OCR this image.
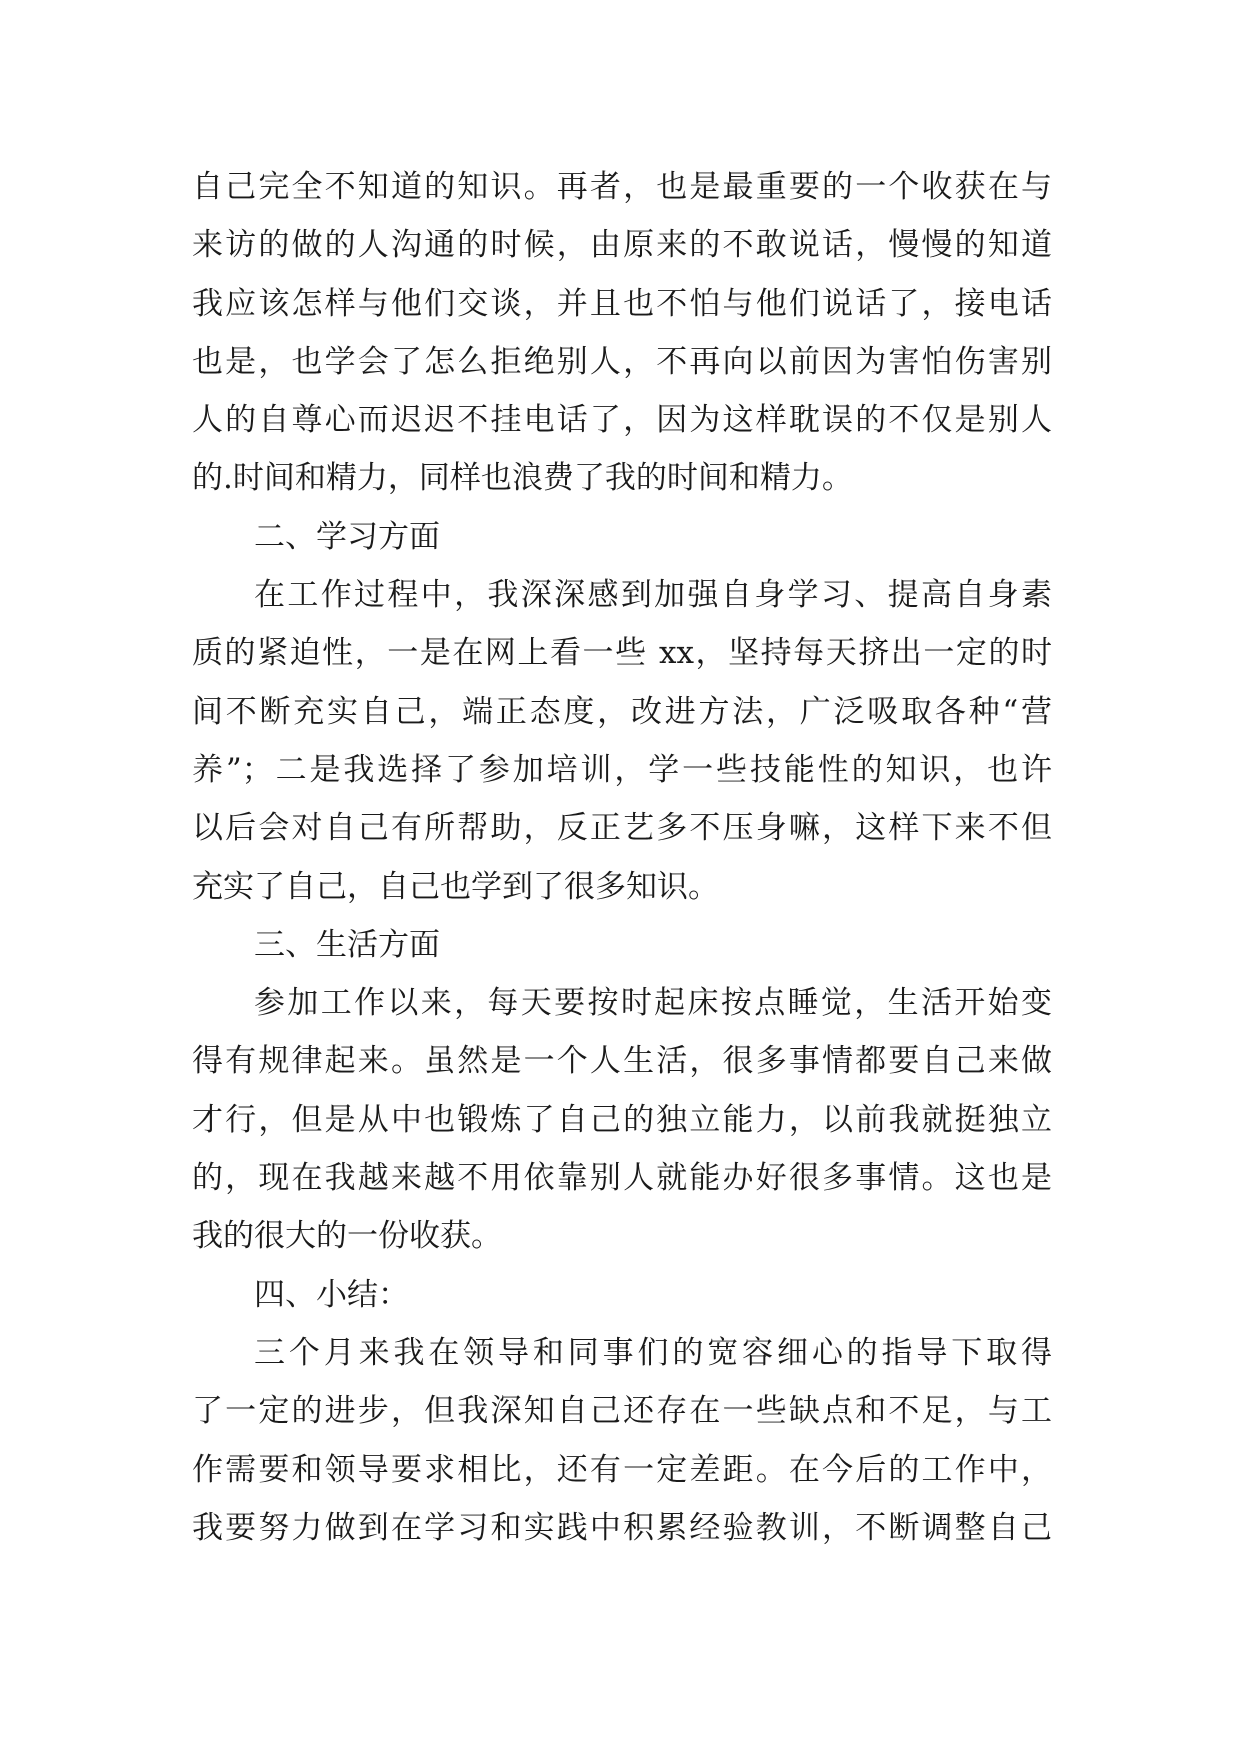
自己完全不知道的知识。再者，也是最重要的一个收获在与
来访的做的人沟通的时候，由原来的不敢说话，慢慢的知道
我应该怎样与他们交谈，并且也不怕与他们说话了，接电话
也是，也学会了怎么拒绝别人，不再向以前因为害怕伤害别
人的自尊心而迟迟不挂电话了，因为这样耽误的不仅是别人
的.时间和精力，同样也浪费了我的时间和精力。
二、学习方面
在工作过程中，我深深感到加强自身学习、提高自身素
质的紧迫性，一是在网上看一些 xx，坚持每天挤出一定的时
间不断充实自己，端正态度，改进方法，广泛吸取各种“营
养”；二是我选择了参加培训，学一些技能性的知识，也许
以后会对自己有所帮助，反正艺多不压身嘛，这样下来不但
充实了自己，自己也学到了很多知识。
三、生活方面
参加工作以来，每天要按时起床按点睡觉，生活开始变
得有规律起来。虽然是一个人生活，很多事情都要自己来做
才行，但是从中也锻炼了自己的独立能力，以前我就挺独立
的，现在我越来越不用依靠别人就能办好很多事情。这也是
我的很大的一份收获。
四、小结：
三个月来我在领导和同事们的宽容细心的指导下取得
了一定的进步，但我深知自己还存在一些缺点和不足，与工
作需要和领导要求相比，还有一定差距。在今后的工作中，
我要努力做到在学习和实践中积累经验教训，不断调整自己
